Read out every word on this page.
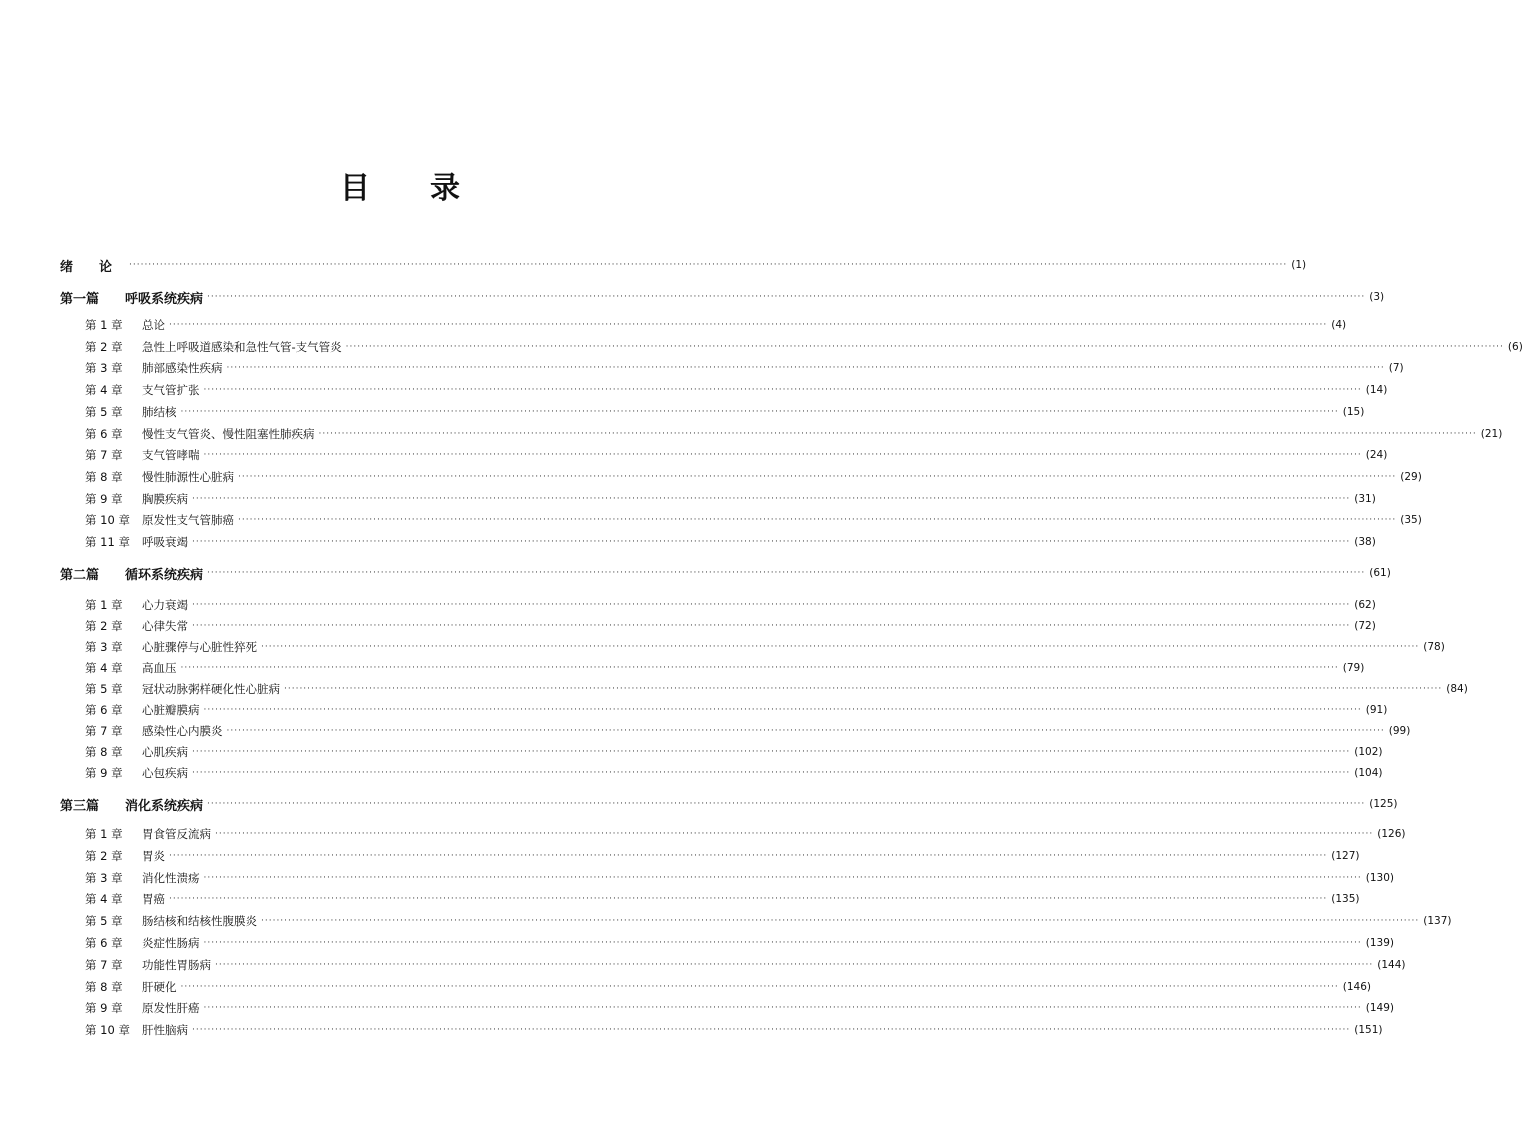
目 录
绪　　论 ············································································································································································································································································································ (1)
第一篇 呼吸系统疾病 ············································································································································································································································································································ (3)
第 1 章 总论 ············································································································································································································································································································ (4)
第 2 章 急性上呼吸道感染和急性气管-支气管炎 ············································································································································································································································································································ (6)
第 3 章 肺部感染性疾病 ············································································································································································································································································································ (7)
第 4 章 支气管扩张 ············································································································································································································································································································ (14)
第 5 章 肺结核 ············································································································································································································································································································ (15)
第 6 章 慢性支气管炎、慢性阻塞性肺疾病 ············································································································································································································································································································ (21)
第 7 章 支气管哮喘 ············································································································································································································································································································ (24)
第 8 章 慢性肺源性心脏病 ············································································································································································································································································································ (29)
第 9 章 胸膜疾病 ············································································································································································································································································································ (31)
第 10 章 原发性支气管肺癌 ············································································································································································································································································································ (35)
第 11 章 呼吸衰竭 ············································································································································································································································································································ (38)
第二篇 循环系统疾病 ············································································································································································································································································································ (61)
第 1 章 心力衰竭 ············································································································································································································································································································ (62)
第 2 章 心律失常 ············································································································································································································································································································ (72)
第 3 章 心脏骤停与心脏性猝死 ············································································································································································································································································································ (78)
第 4 章 高血压 ············································································································································································································································································································ (79)
第 5 章 冠状动脉粥样硬化性心脏病 ············································································································································································································································································································ (84)
第 6 章 心脏瓣膜病 ············································································································································································································································································································ (91)
第 7 章 感染性心内膜炎 ············································································································································································································································································································ (99)
第 8 章 心肌疾病 ············································································································································································································································································································ (102)
第 9 章 心包疾病 ············································································································································································································································································································ (104)
第三篇 消化系统疾病 ············································································································································································································································································································ (125)
第 1 章 胃食管反流病 ············································································································································································································································································································ (126)
第 2 章 胃炎 ············································································································································································································································································································ (127)
第 3 章 消化性溃疡 ············································································································································································································································································································ (130)
第 4 章 胃癌 ············································································································································································································································································································ (135)
第 5 章 肠结核和结核性腹膜炎 ············································································································································································································································································································ (137)
第 6 章 炎症性肠病 ············································································································································································································································································································ (139)
第 7 章 功能性胃肠病 ············································································································································································································································································································ (144)
第 8 章 肝硬化 ············································································································································································································································································································ (146)
第 9 章 原发性肝癌 ············································································································································································································································································································ (149)
第 10 章 肝性脑病 ············································································································································································································································································································ (151)
